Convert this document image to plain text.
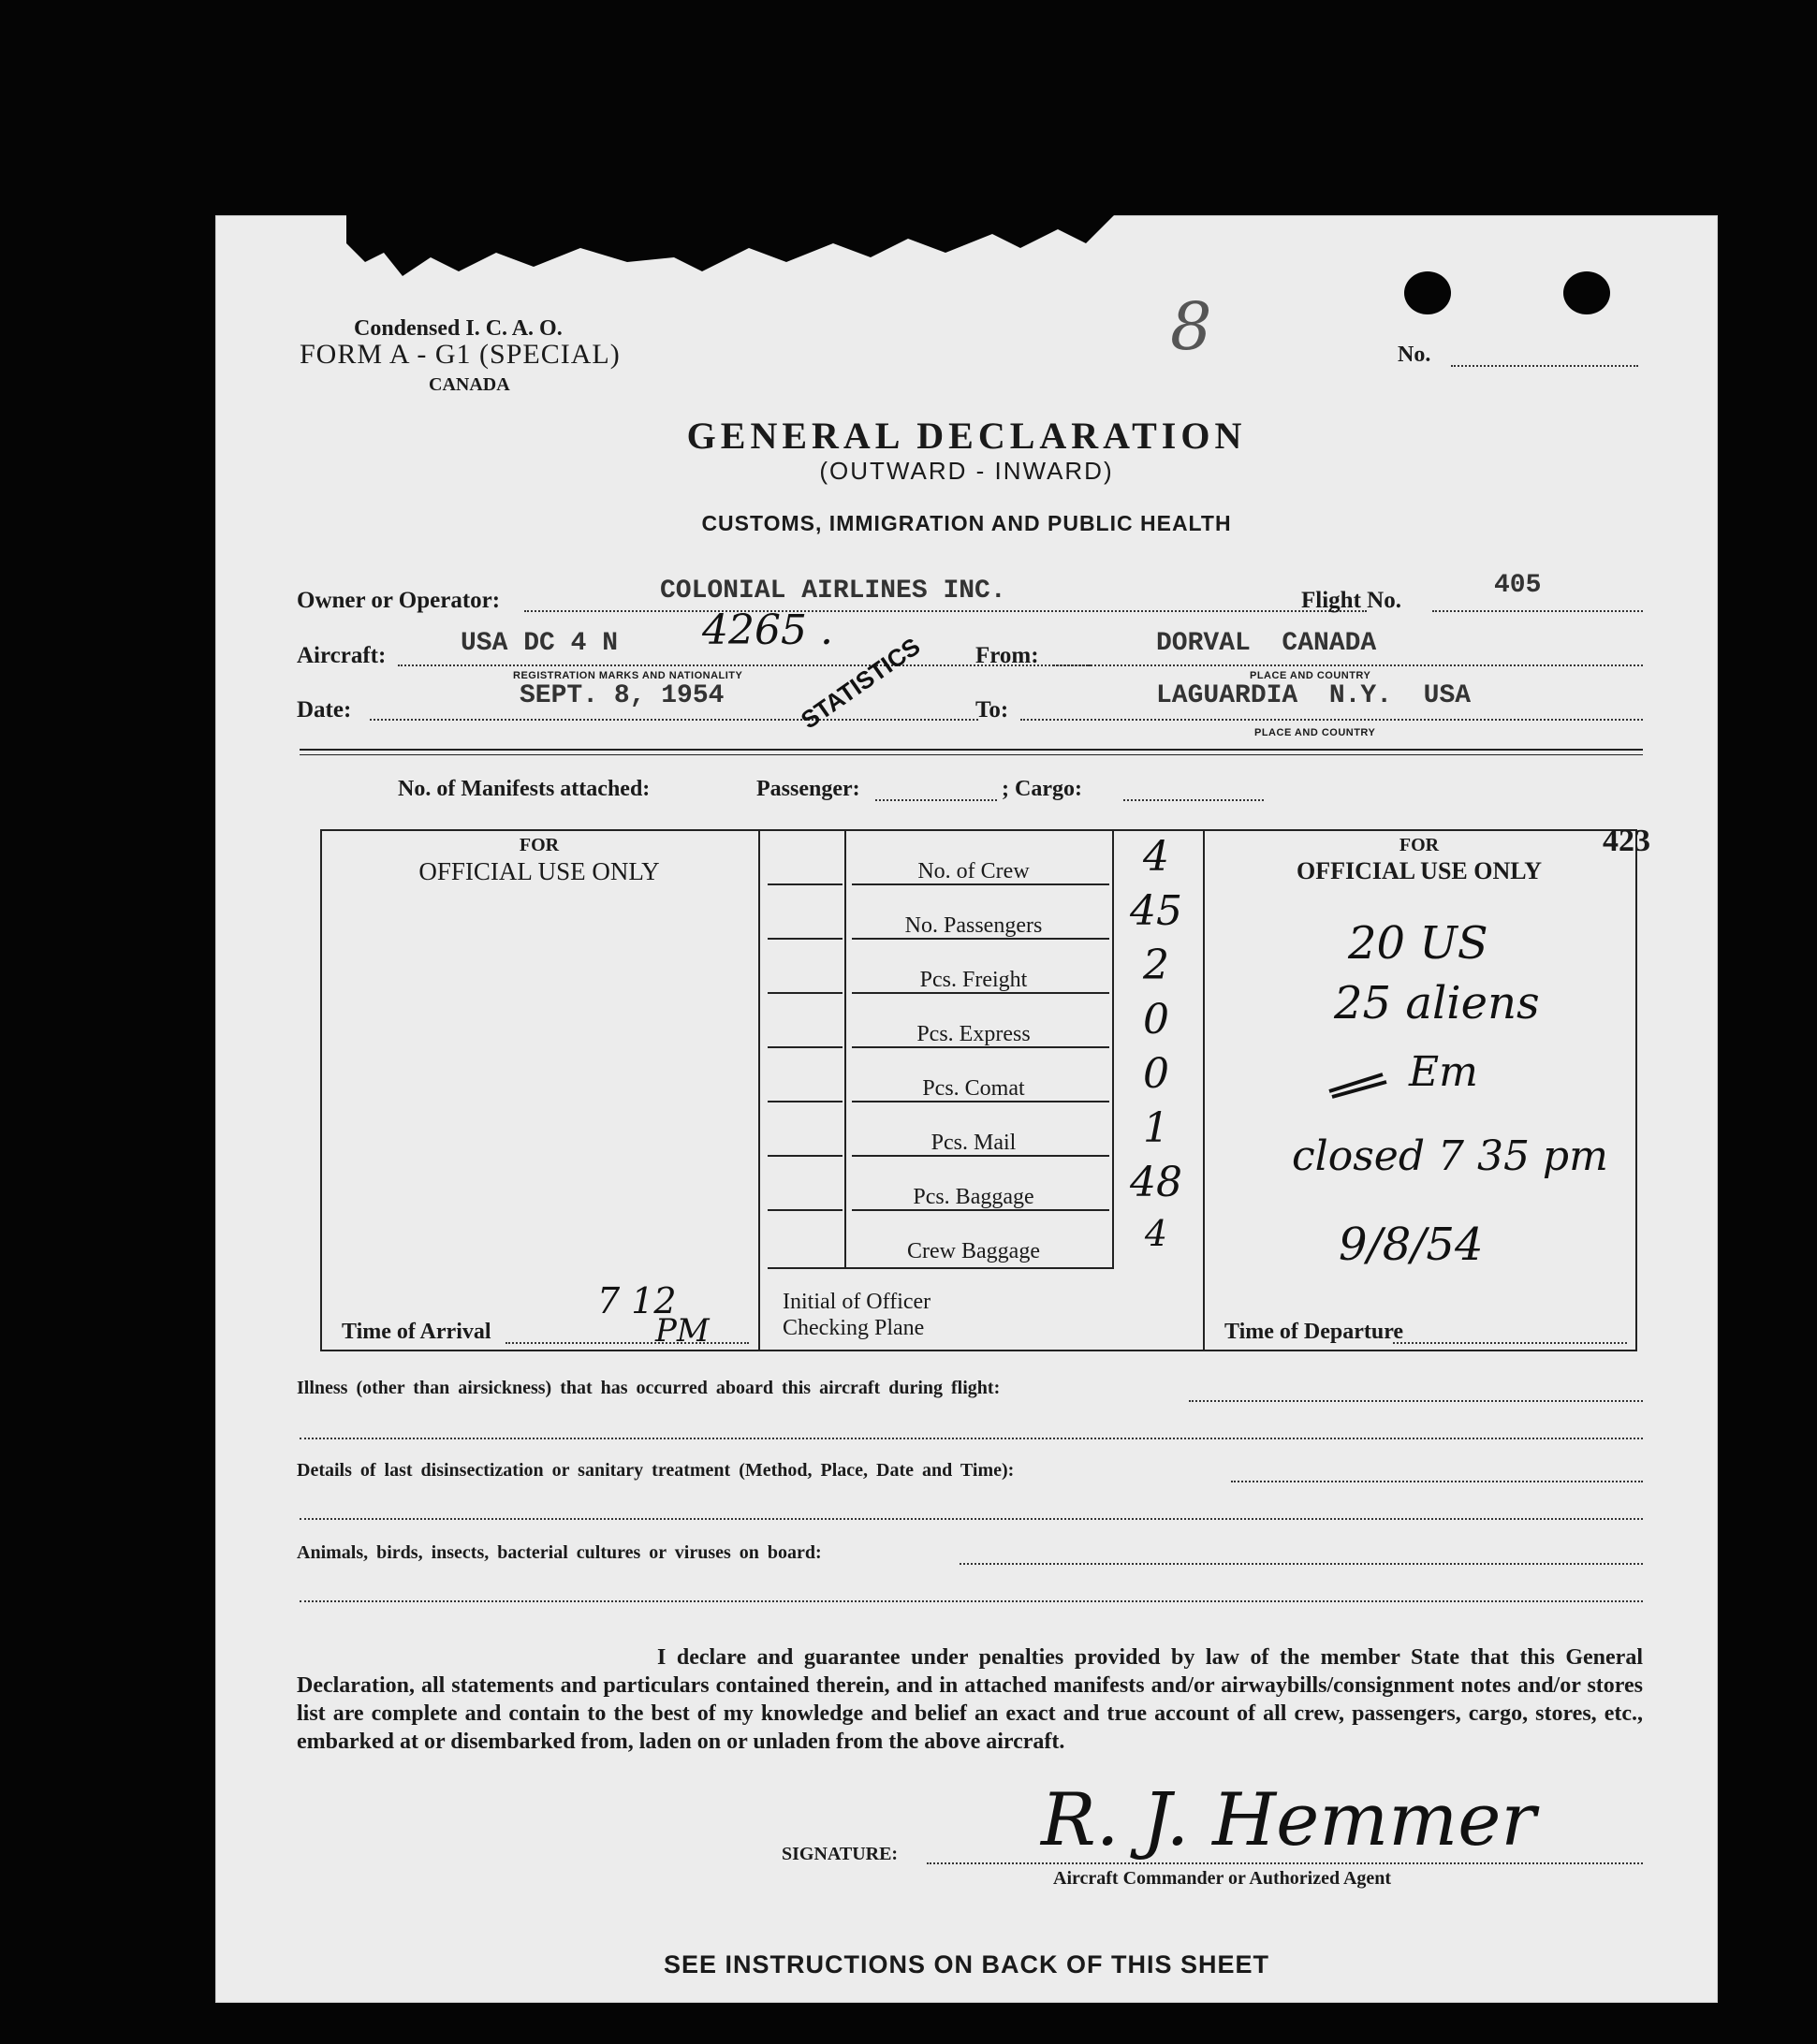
Condensed I. C. A. O.
FORM A - G1 (SPECIAL)
CANADA
8	No.
GENERAL DECLARATION
(OUTWARD - INWARD)
CUSTOMS, IMMIGRATION AND PUBLIC HEALTH
Owner or Operator:	COLONIAL AIRLINES INC.	Flight No.
405
Aircraft:	USA DC 4 N 4265 .
REGISTRATION MARKS AND NATIONALITY
From:	DORVAL  CANADA
PLACE AND COUNTRY
Date:	SEPT. 8, 1954	STATISTICS To:	LAGUARDIA  N.Y.  USA
PLACE AND COUNTRY
No. of Manifests attached:	Passenger:	; Cargo:
FOR
OFFICIAL USE ONLY
FOR
OFFICIAL USE ONLY
423
No. of Crew	4
No. Passengers	45
Pcs. Freight	2
Pcs. Express	0
Pcs. Comat	0
Pcs. Mail	1
Pcs. Baggage	48
Crew Baggage	4
Initial of Officer
Checking Plane
Time of Arrival
7 12
PM	Time of Departure
20 US
25 aliens
Em
closed 7 35 pm
9/8/54
Illness (other than airsickness) that has occurred aboard this aircraft during flight:
Details of last disinsectization or sanitary treatment (Method, Place, Date and Time):
Animals, birds, insects, bacterial cultures or viruses on board:
I declare and guarantee under penalties provided by law of the member State that this General Declaration, all statements and particulars contained therein, and in attached manifests and/or airwaybills/consignment notes and/or stores list are complete and contain to the best of my knowledge and belief an exact and true account of all crew, passengers, cargo, stores, etc., embarked at or disembarked from, laden on or unladen from the above aircraft.
SIGNATURE: R. J. Hemmer
Aircraft Commander or Authorized Agent
SEE INSTRUCTIONS ON BACK OF THIS SHEET
